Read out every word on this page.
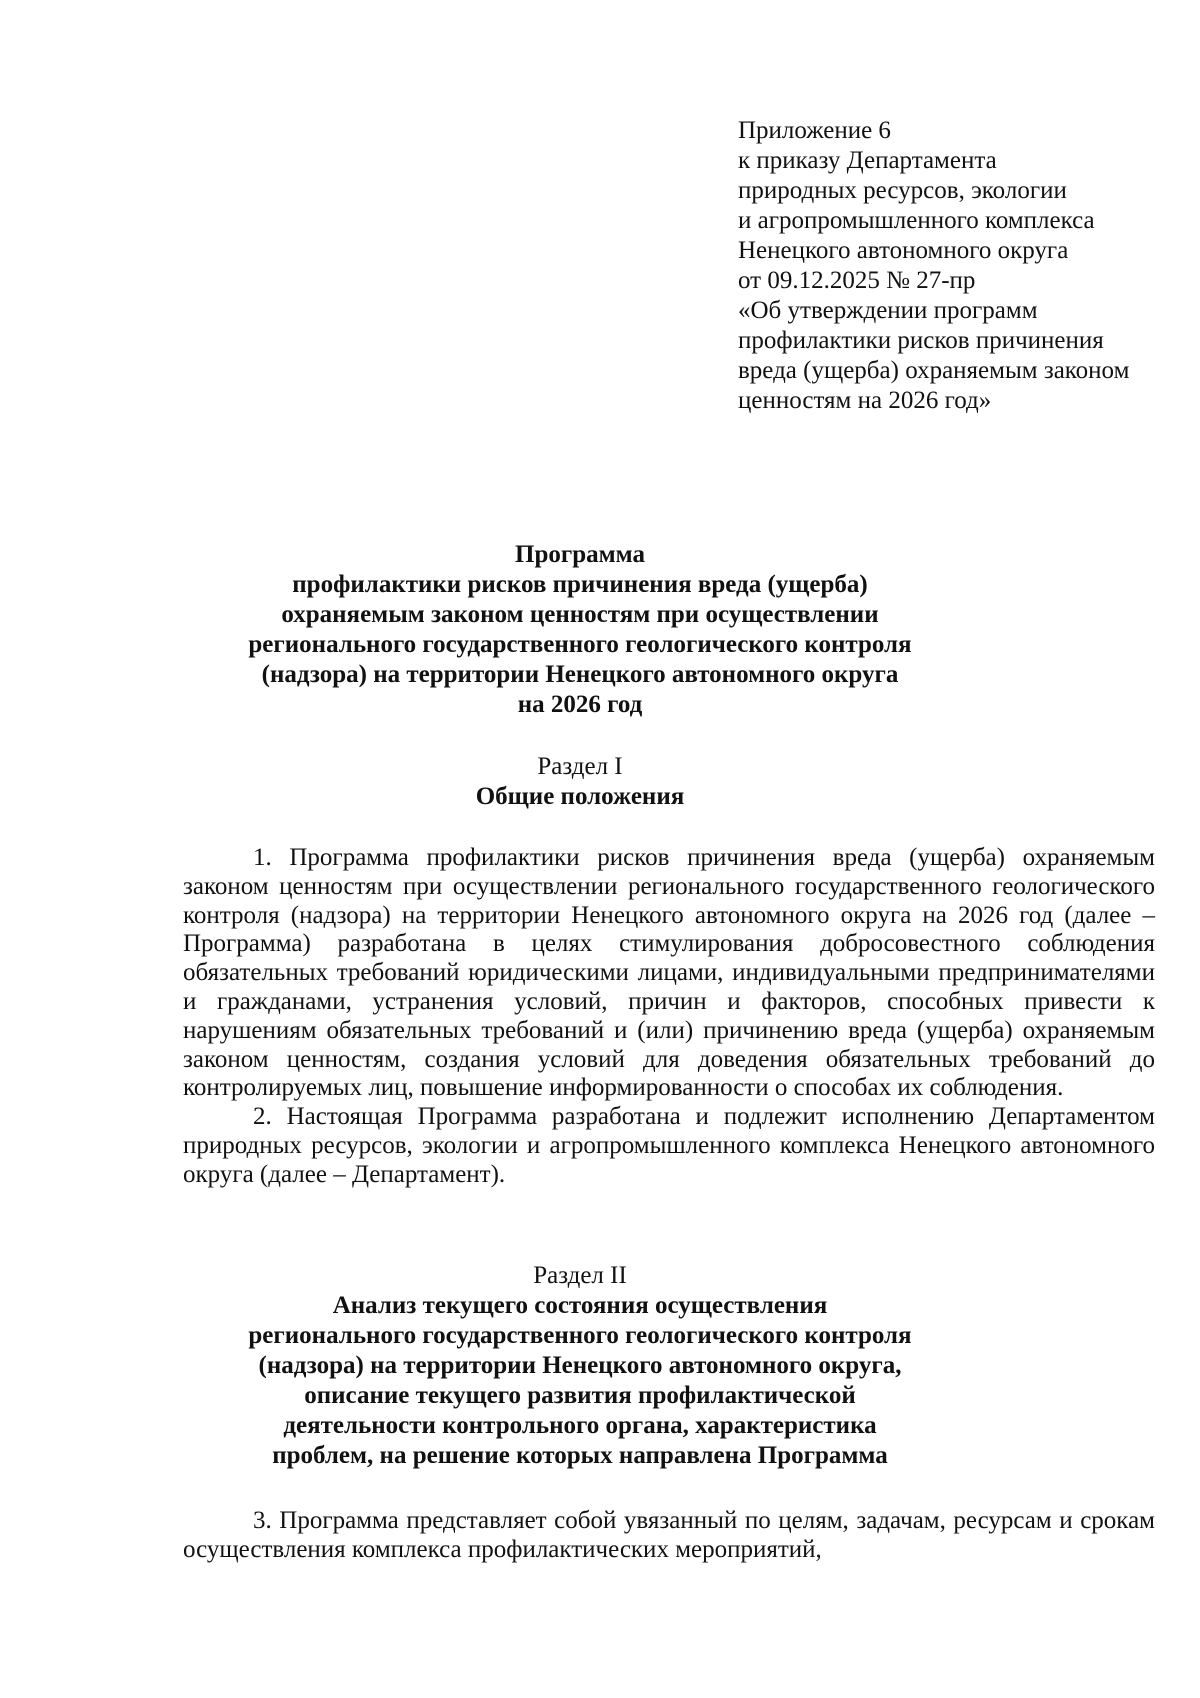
Приложение 6
к приказу Департамента
природных ресурсов, экологии
и агропромышленного комплекса
Ненецкого автономного округа
от 09.12.2025 № 27-пр
«Об утверждении программ
профилактики рисков причинения
вреда (ущерба) охраняемым законом
ценностям на 2026 год»
Программа
профилактики рисков причинения вреда (ущерба)
охраняемым законом ценностям при осуществлении
регионального государственного геологического контроля
(надзора) на территории Ненецкого автономного округа
на 2026 год
Раздел I
Общие положения

1. Программа профилактики рисков причинения вреда (ущерба) охраняемым законом ценностям при осуществлении регионального государственного геологического контроля (надзора) на территории Ненецкого автономного округа на 2026 год (далее – Программа) разработана в целях стимулирования добросовестного соблюдения обязательных требований юридическими лицами, индивидуальными предпринимателями и гражданами, устранения условий, причин и факторов, способных привести к нарушениям обязательных требований и (или) причинению вреда (ущерба) охраняемым законом ценностям, создания условий для доведения обязательных требований до контролируемых лиц, повышение информированности о способах их соблюдения.

2. Настоящая Программа разработана и подлежит исполнению Департаментом природных ресурсов, экологии и агропромышленного комплекса Ненецкого автономного округа (далее – Департамент).

Раздел II
Анализ текущего состояния осуществления
регионального государственного геологического контроля
(надзора) на территории Ненецкого автономного округа,
описание текущего развития профилактической
деятельности контрольного органа, характеристика
проблем, на решение которых направлена Программа

3. Программа представляет собой увязанный по целям, задачам, ресурсам и срокам осуществления комплекса профилактических мероприятий,
